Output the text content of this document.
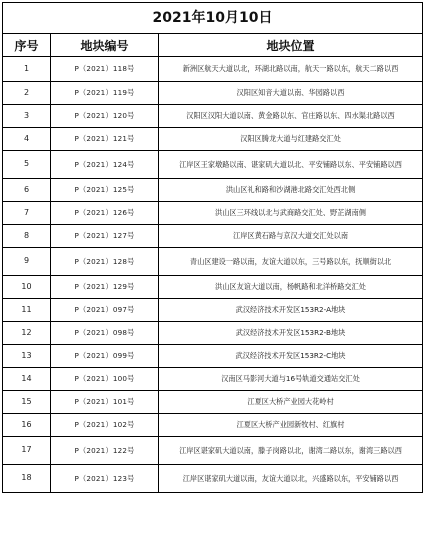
2021年10月10日		
序号	地块编号	地块位置
1	P（2021）118号	新洲区航天大道以北，环湖北路以南，航天一路以东，航天二路以西
2	P（2021）119号	汉阳区知音大道以南、华园路以西
3	P（2021）120号	汉阳区汉阳大道以南、黄金路以东、官庄路以东、四水渠北路以西
4	P（2021）121号	汉阳区腾龙大道与红建路交汇处
5	P（2021）124号	江岸区王家墩路以南、谌家矶大道以北、平安铺路以东、平安铺路以西
6	P（2021）125号	洪山区礼和路和沙湖港北路交汇处西北侧
7	P（2021）126号	洪山区三环线以北与武商路交汇处、野芷湖南侧
8	P（2021）127号	江岸区黄石路与京汉大道交汇处以南
9	P（2021）128号	青山区建设一路以南，友谊大道以东，三号路以东，抚顺街以北
10	P（2021）129号	洪山区友谊大道以南，杨帆路和北洋桥路交汇处
11	P（2021）097号	武汉经济技术开发区153R2-A地块
12	P（2021）098号	武汉经济技术开发区153R2-B地块
13	P（2021）099号	武汉经济技术开发区153R2-C地块
14	P（2021）100号	汉南区马影河大道与16号轨道交通站交汇处
15	P（2021）101号	江夏区大桥产业园大花岭村
16	P（2021）102号	江夏区大桥产业园新牧村、红旗村
17	P（2021）122号	江岸区谌家矶大道以南，滕子岗路以北，谢湾二路以东，谢湾三路以西
18	P（2021）123号	江岸区谌家矶大道以南，友谊大道以北，兴盛路以东，平安铺路以西
